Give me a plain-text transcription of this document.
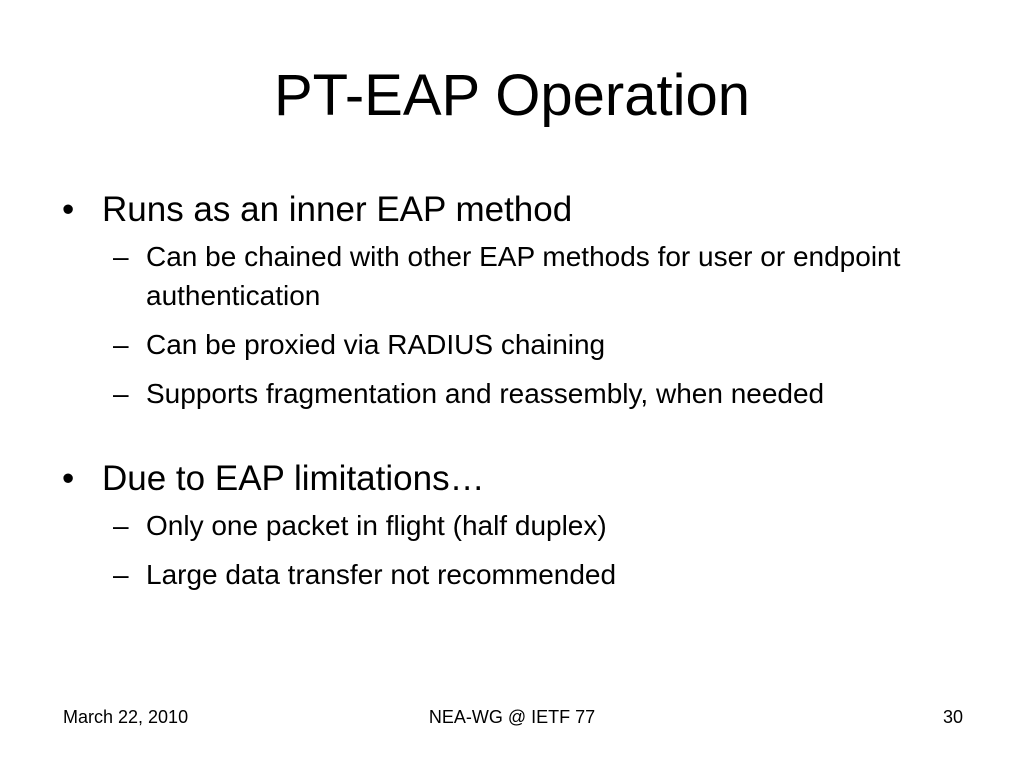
PT-EAP Operation
• Runs as an inner EAP method
– Can be chained with other EAP methods for user or endpoint authentication
– Can be proxied via RADIUS chaining
– Supports fragmentation and reassembly, when needed
• Due to EAP limitations…
– Only one packet in flight (half duplex)
– Large data transfer not recommended
March 22, 2010	NEA-WG @ IETF 77	30
